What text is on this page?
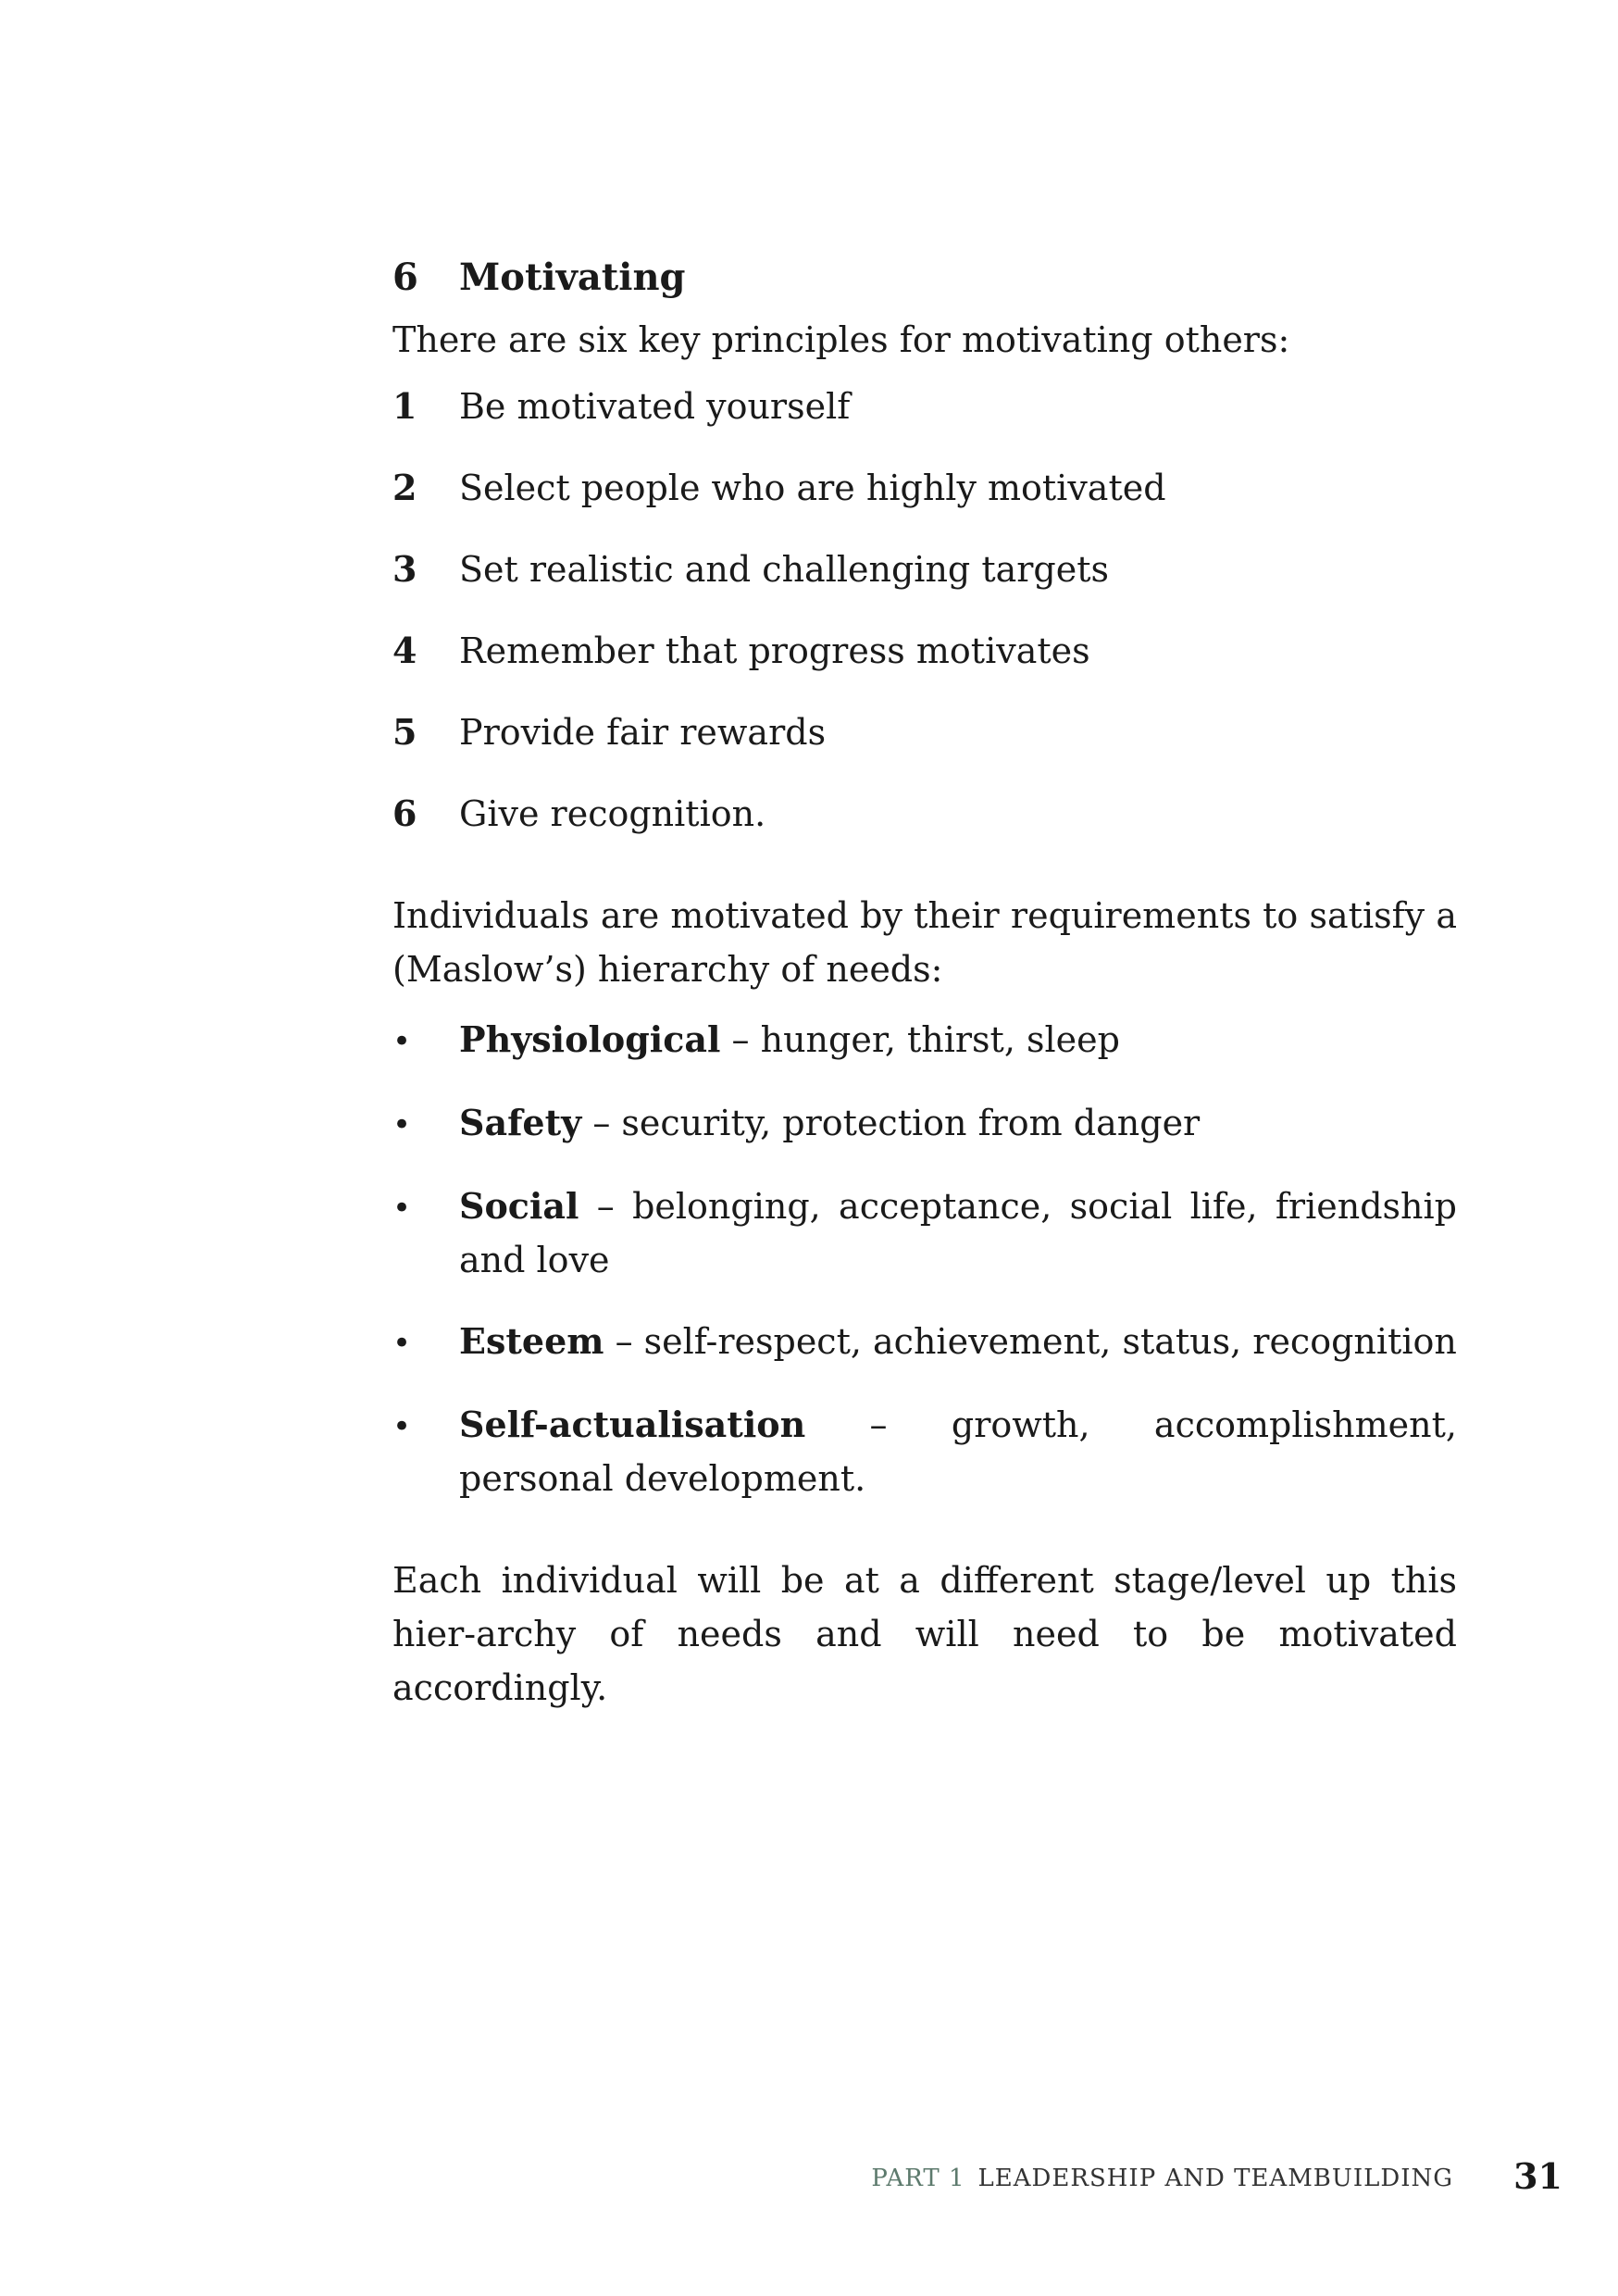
6	Motivating

There are six key principles for motivating others:

1	Be motivated yourself
2	Select people who are highly motivated
3	Set realistic and challenging targets
4	Remember that progress motivates
5	Provide fair rewards
6	Give recognition.

Individuals are motivated by their requirements to satisfy a (Maslow’s) hierarchy of needs:

•	Physiological – hunger, thirst, sleep
•	Safety – security, protection from danger
•	Social – belonging, acceptance, social life, friendship and love
•	Esteem – self-respect, achievement, status, recognition
•	Self-actualisation – growth, accomplishment, personal development.

Each individual will be at a different stage/level up this hier-archy of needs and will need to be motivated accordingly.

PART 1 LEADERSHIP AND TEAMBUILDING 31
